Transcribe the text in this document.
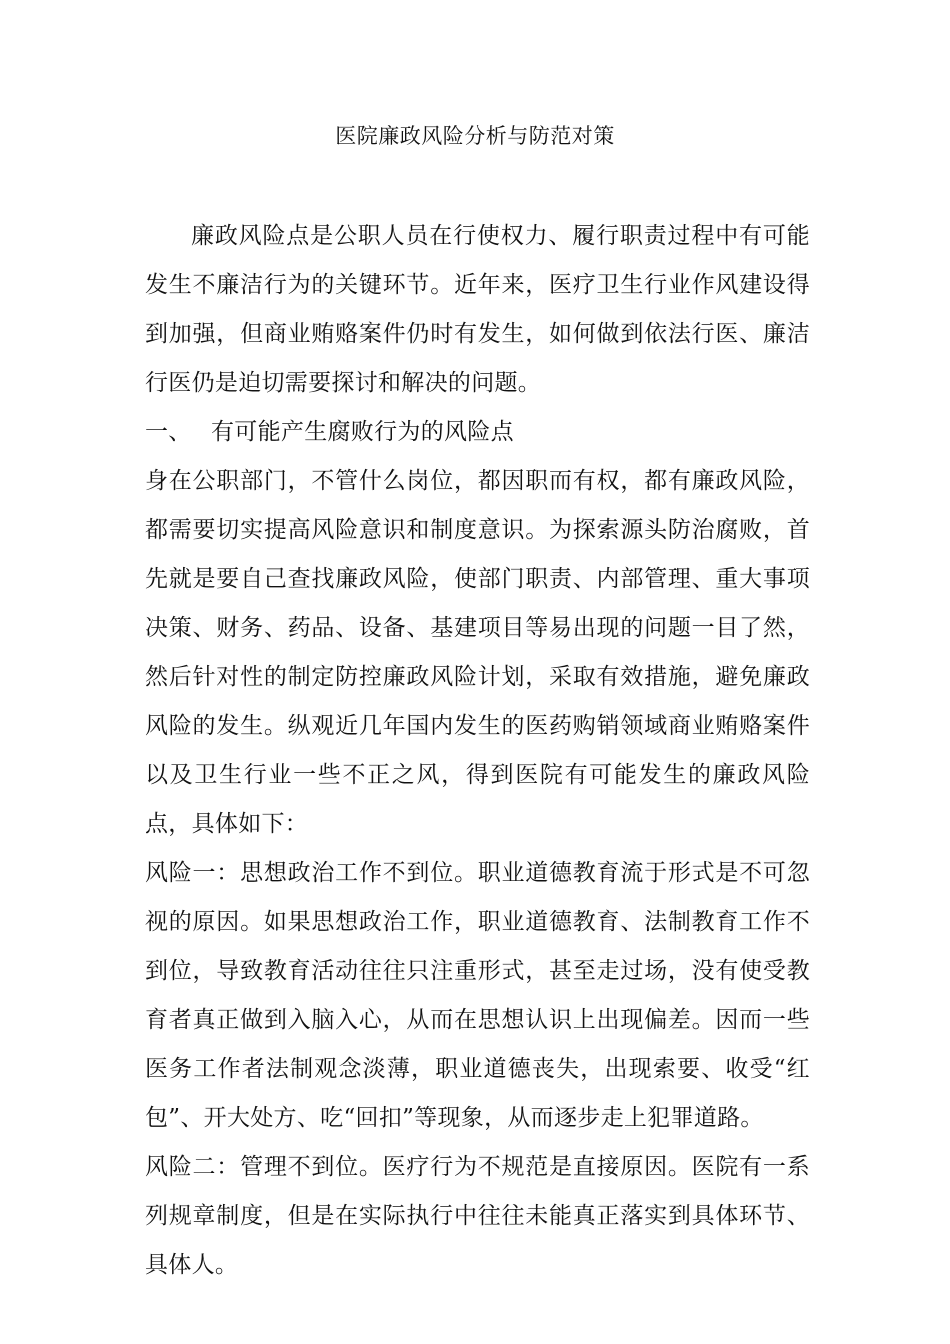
医院廉政风险分析与防范对策

廉政风险点是公职人员在行使权力、履行职责过程中有可能发生不廉洁行为的关键环节。近年来，医疗卫生行业作风建设得到加强，但商业贿赂案件仍时有发生，如何做到依法行医、廉洁行医仍是迫切需要探讨和解决的问题。

一、 有可能产生腐败行为的风险点

身在公职部门，不管什么岗位，都因职而有权，都有廉政风险，都需要切实提高风险意识和制度意识。为探索源头防治腐败，首先就是要自己查找廉政风险，使部门职责、内部管理、重大事项决策、财务、药品、设备、基建项目等易出现的问题一目了然，然后针对性的制定防控廉政风险计划，采取有效措施，避免廉政风险的发生。纵观近几年国内发生的医药购销领域商业贿赂案件以及卫生行业一些不正之风，得到医院有可能发生的廉政风险点，具体如下：

风险一：思想政治工作不到位。职业道德教育流于形式是不可忽视的原因。如果思想政治工作，职业道德教育、法制教育工作不到位，导致教育活动往往只注重形式，甚至走过场，没有使受教育者真正做到入脑入心，从而在思想认识上出现偏差。因而一些医务工作者法制观念淡薄，职业道德丧失，出现索要、收受“红包”、开大处方、吃“回扣”等现象，从而逐步走上犯罪道路。

风险二：管理不到位。医疗行为不规范是直接原因。医院有一系列规章制度，但是在实际执行中往往未能真正落实到具体环节、具体人。
